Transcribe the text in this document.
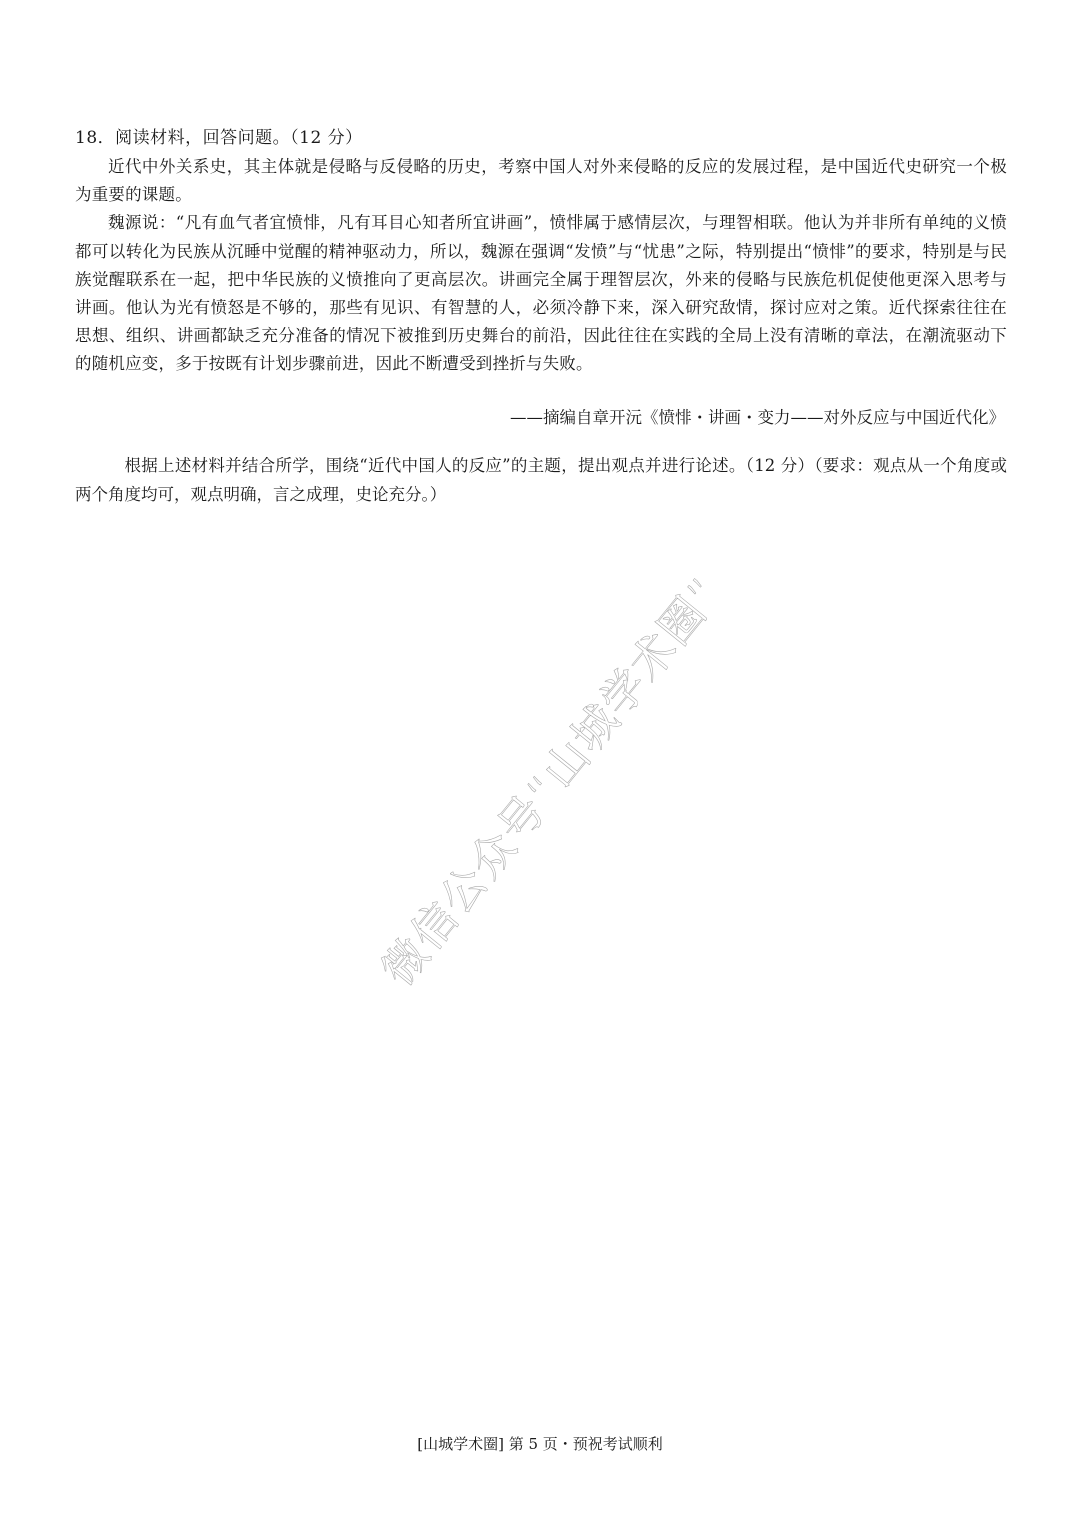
18．阅读材料，回答问题。（12 分）

近代中外关系史，其主体就是侵略与反侵略的历史，考察中国人对外来侵略的反应的发展过程，是中国近代史研究一个极为重要的课题。

魏源说：“凡有血气者宜愤悱，凡有耳目心知者所宜讲画”，愤悱属于感情层次，与理智相联。他认为并非所有单纯的义愤都可以转化为民族从沉睡中觉醒的精神驱动力，所以，魏源在强调“发愤”与“忧患”之际，特别提出“愤悱”的要求，特别是与民族觉醒联系在一起，把中华民族的义愤推向了更高层次。讲画完全属于理智层次，外来的侵略与民族危机促使他更深入思考与讲画。他认为光有愤怒是不够的，那些有见识、有智慧的人，必须冷静下来，深入研究敌情，探讨应对之策。近代探索往往在思想、组织、讲画都缺乏充分准备的情况下被推到历史舞台的前沿，因此往往在实践的全局上没有清晰的章法，在潮流驱动下的随机应变，多于按既有计划步骤前进，因此不断遭受到挫折与失败。

——摘编自章开沅《愤悱・讲画・变力——对外反应与中国近代化》

根据上述材料并结合所学，围绕“近代中国人的反应”的主题，提出观点并进行论述。（12 分）（要求：观点从一个角度或两个角度均可，观点明确，言之成理，史论充分。）

微信公众号“山城学术圈”
[山城学术圈] 第 5 页・预祝考试顺利
